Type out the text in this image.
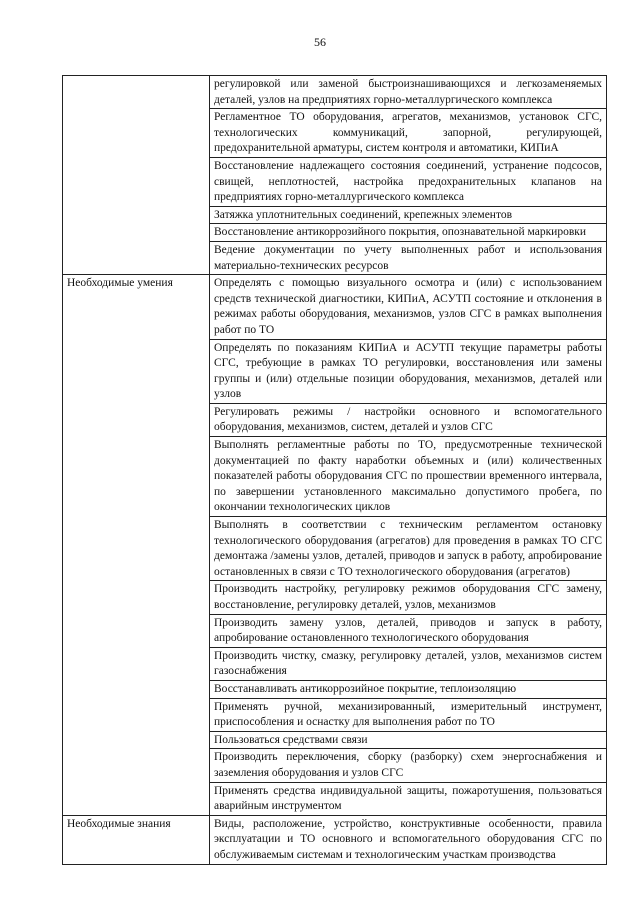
56

	регулировкой или заменой быстроизнашивающихся и легкозаменяемых деталей, узлов на предприятиях горно-металлургического комплекса

	Регламентное ТО оборудования, агрегатов, механизмов, установок СГС, технологических коммуникаций, запорной, регулирующей, предохранительной арматуры, систем контроля и автоматики, КИПиА

	Восстановление надлежащего состояния соединений, устранение подсосов, свищей, неплотностей, настройка предохранительных клапанов на предприятиях горно-металлургического комплекса

	Затяжка уплотнительных соединений, крепежных элементов

	Восстановление антикоррозийного покрытия, опознавательной маркировки

	Ведение документации по учету выполненных работ и использования материально-технических ресурсов

Необходимые умения	Определять с помощью визуального осмотра и (или) с использованием средств технической диагностики, КИПиА, АСУТП состояние и отклонения в режимах работы оборудования, механизмов, узлов СГС в рамках выполнения работ по ТО

	Определять по показаниям КИПиА и АСУТП текущие параметры работы СГС, требующие в рамках ТО регулировки, восстановления или замены группы и (или) отдельные позиции оборудования, механизмов, деталей или узлов

	Регулировать режимы / настройки основного и вспомогательного оборудования, механизмов, систем, деталей и узлов СГС

	Выполнять регламентные работы по ТО, предусмотренные технической документацией по факту наработки объемных и (или) количественных показателей работы оборудования СГС по прошествии временного интервала, по завершении установленного максимально допустимого пробега, по окончании технологических циклов

	Выполнять в соответствии с техническим регламентом остановку технологического оборудования (агрегатов) для проведения в рамках ТО СГС демонтажа /замены узлов, деталей, приводов и запуск в работу, апробирование остановленных в связи с ТО технологического оборудования (агрегатов)

	Производить настройку, регулировку режимов оборудования СГС замену, восстановление, регулировку деталей, узлов, механизмов

	Производить замену узлов, деталей, приводов и запуск в работу, апробирование остановленного технологического оборудования

	Производить чистку, смазку, регулировку деталей, узлов, механизмов систем газоснабжения

	Восстанавливать антикоррозийное покрытие, теплоизоляцию

	Применять ручной, механизированный, измерительный инструмент, приспособления и оснастку для выполнения работ по ТО

	Пользоваться средствами связи

	Производить переключения, сборку (разборку) схем энергоснабжения и заземления оборудования и узлов СГС

	Применять средства индивидуальной защиты, пожаротушения, пользоваться аварийным инструментом

Необходимые знания	Виды, расположение, устройство, конструктивные особенности, правила эксплуатации и ТО основного и вспомогательного оборудования СГС по обслуживаемым системам и технологическим участкам производства
